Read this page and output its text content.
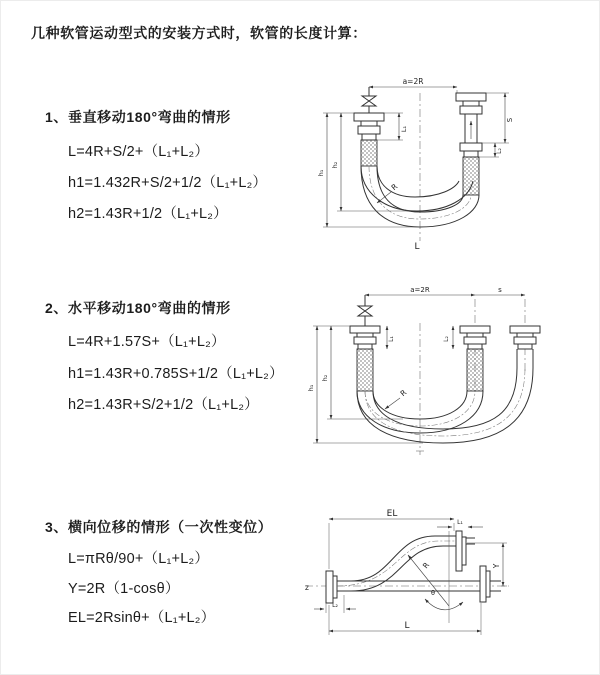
几种软管运动型式的安装方式时，软管的长度计算：
1、垂直移动180°弯曲的情形
L=4R+S/2+（L₁+L₂）
h1=1.432R+S/2+1/2（L₁+L₂）
h2=1.43R+1/2（L₁+L₂）
2、水平移动180°弯曲的情形
L=4R+1.57S+（L₁+L₂）
h1=1.43R+0.785S+1/2（L₁+L₂）
h2=1.43R+S/2+1/2（L₁+L₂）
3、横向位移的情形（一次性变位）
L=πRθ/90+（L₁+L₂）
Y=2R（1-cosθ）
EL=2Rsinθ+（L₁+L₂）
a=2R
L₁
S
L₂
h₁
h₂
R
L
a=2R	s
L₁	L₂
h₁
h₂
R
z
EL
L₁
R
θ
Y
L₂
L
